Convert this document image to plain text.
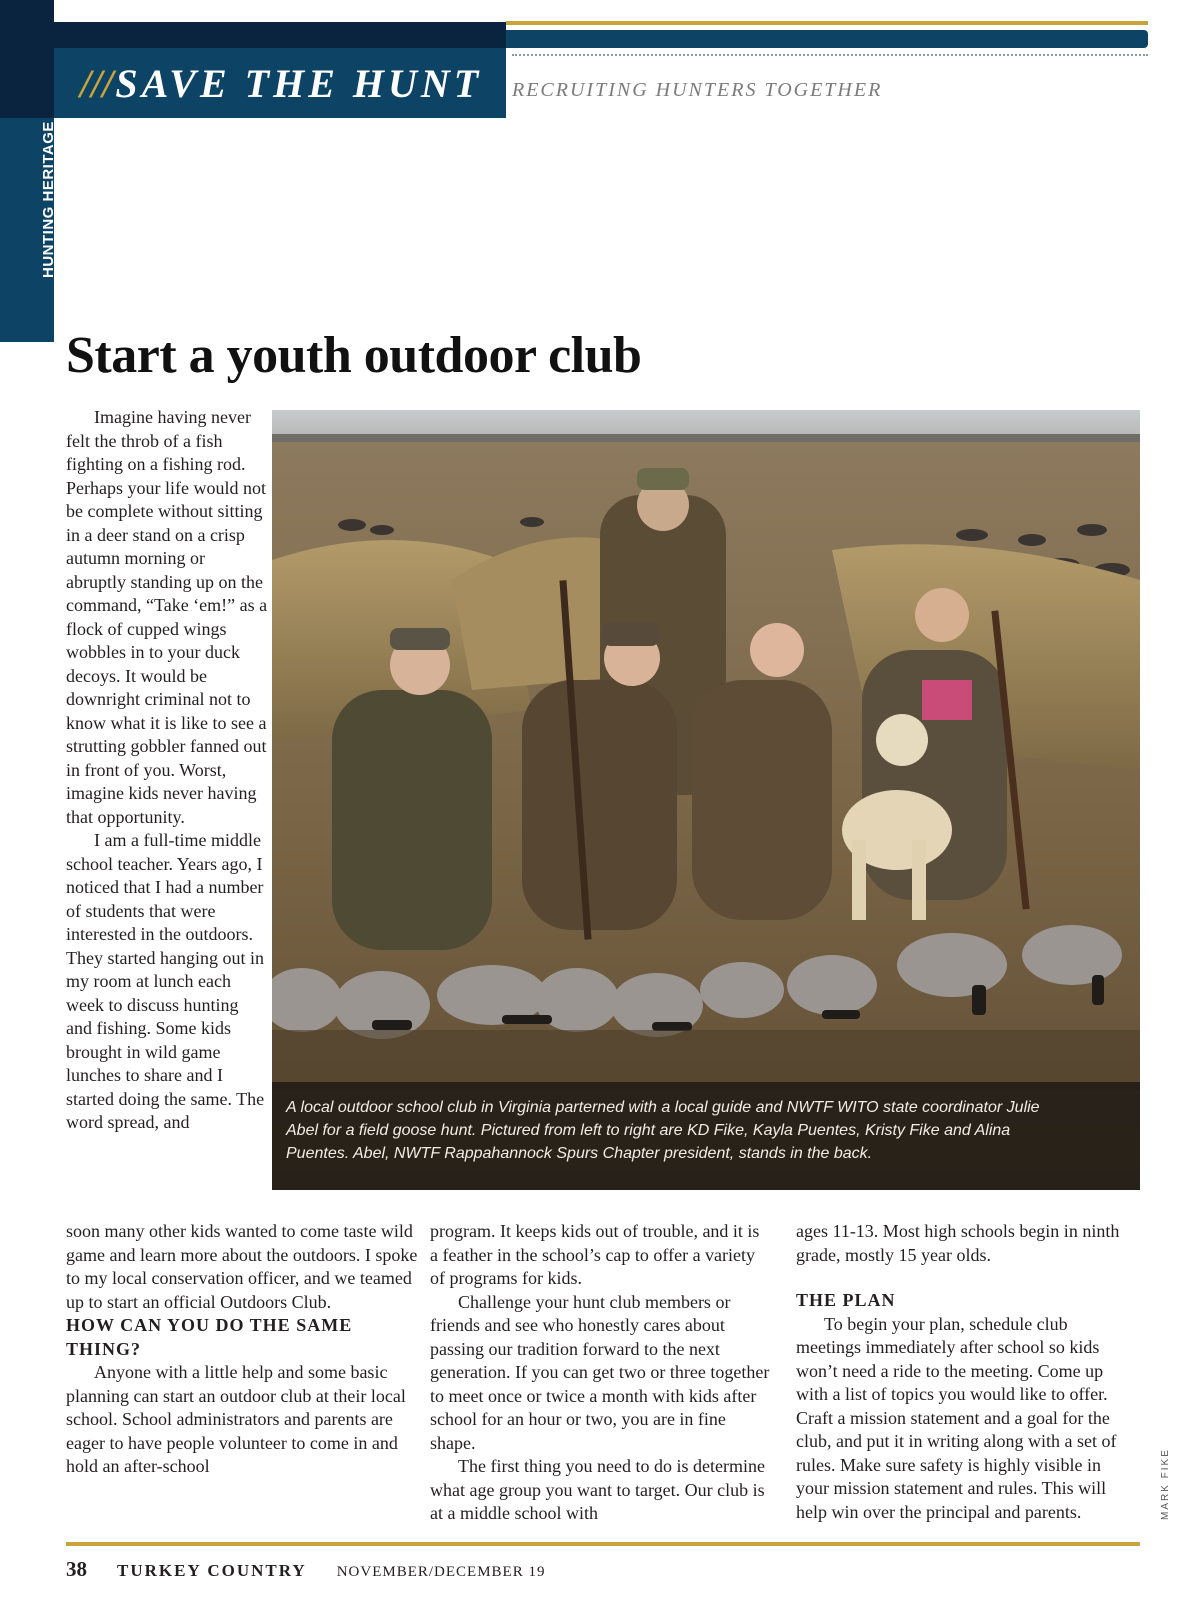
HUNTING HERITAGE
///SAVE THE HUNT RECRUITING HUNTERS TOGETHER
Start a youth outdoor club

Imagine having never felt the throb of a fish fighting on a fishing rod. Perhaps your life would not be complete without sitting in a deer stand on a crisp autumn morning or abruptly standing up on the command, “Take ‘em!” as a flock of cupped wings wobbles in to your duck decoys. It would be downright criminal not to know what it is like to see a strutting gobbler fanned out in front of you. Worst, imagine kids never having that opportunity.

I am a full-time middle school teacher. Years ago, I noticed that I had a number of students that were interested in the outdoors. They started hanging out in my room at lunch each week to discuss hunting and fishing. Some kids brought in wild game lunches to share and I started doing the same. The word spread, and

A local outdoor school club in Virginia parterned with a local guide and NWTF WITO state coordinator Julie Abel for a field goose hunt. Pictured from left to right are KD Fike, Kayla Puentes, Kristy Fike and Alina Puentes. Abel, NWTF Rappahannock Spurs Chapter president, stands in the back.
MARK FIKE

soon many other kids wanted to come taste wild game and learn more about the outdoors. I spoke to my local conservation officer, and we teamed up to start an official Outdoors Club.

HOW CAN YOU DO THE SAME THING?

Anyone with a little help and some basic planning can start an outdoor club at their local school. School administrators and parents are eager to have people volunteer to come in and hold an after-school

program. It keeps kids out of trouble, and it is a feather in the school’s cap to offer a variety of programs for kids.

Challenge your hunt club members or friends and see who honestly cares about passing our tradition forward to the next generation. If you can get two or three together to meet once or twice a month with kids after school for an hour or two, you are in fine shape.

The first thing you need to do is determine what age group you want to target. Our club is at a middle school with

ages 11-13. Most high schools begin in ninth grade, mostly 15 year olds.

THE PLAN

To begin your plan, schedule club meetings immediately after school so kids won’t need a ride to the meeting. Come up with a list of topics you would like to offer. Craft a mission statement and a goal for the club, and put it in writing along with a set of rules. Make sure safety is highly visible in your mission statement and rules. This will help win over the principal and parents.

38 TURKEY COUNTRY NOVEMBER/DECEMBER 19
